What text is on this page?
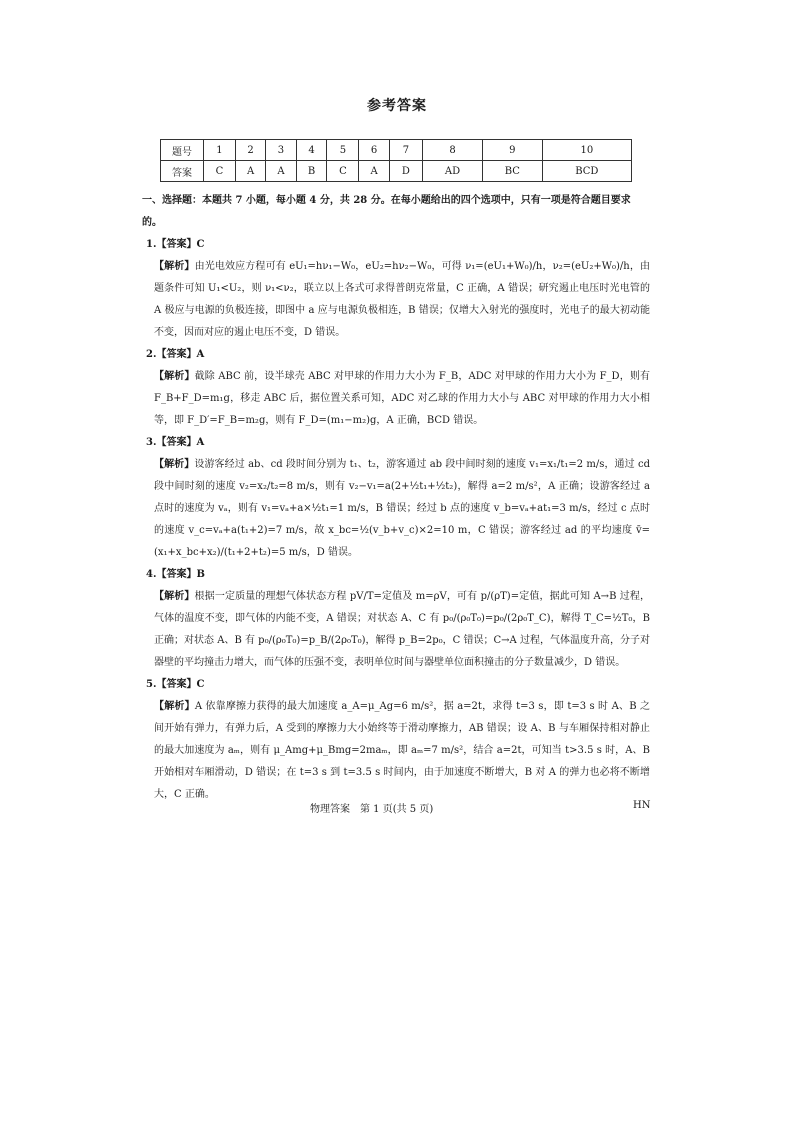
参考答案
题号	1	2	3	4	5	6	7	8	9	10
答案	C	A	A	B	C	A	D	AD	BC	BCD
一、选择题：本题共 7 小题，每小题 4 分，共 28 分。在每小题给出的四个选项中，只有一项是符合题目要求的。
1.【答案】C
【解析】由光电效应方程可有 eU₁=hν₁−W₀，eU₂=hν₂−W₀，可得 ν₁=(eU₁+W₀)/h，ν₂=(eU₂+W₀)/h，由题条件可知 U₁<U₂，则 ν₁<ν₂，联立以上各式可求得普朗克常量，C 正确，A 错误；研究遏止电压时光电管的 A 极应与电源的负极连接，即图中 a 应与电源负极相连，B 错误；仅增大入射光的强度时，光电子的最大初动能不变，因而对应的遏止电压不变，D 错误。
2.【答案】A
【解析】截除 ABC 前，设半球壳 ABC 对甲球的作用力大小为 F_B，ADC 对甲球的作用力大小为 F_D，则有 F_B+F_D=m₁g，移走 ABC 后，据位置关系可知，ADC 对乙球的作用力大小与 ABC 对甲球的作用力大小相等，即 F_D′=F_B=m₂g，则有 F_D=(m₁−m₂)g，A 正确，BCD 错误。
3.【答案】A
【解析】设游客经过 ab、cd 段时间分别为 t₁、t₂，游客通过 ab 段中间时刻的速度 v₁=x₁/t₁=2 m/s，通过 cd 段中间时刻的速度 v₂=x₂/t₂=8 m/s，则有 v₂−v₁=a(2+½t₁+½t₂)，解得 a=2 m/s²，A 正确；设游客经过 a 点时的速度为 vₐ，则有 v₁=vₐ+a×½t₁=1 m/s，B 错误；经过 b 点的速度 v_b=vₐ+at₁=3 m/s，经过 c 点时的速度 v_c=vₐ+a(t₁+2)=7 m/s，故 x_bc=½(v_b+v_c)×2=10 m，C 错误；游客经过 ad 的平均速度 v̄=(x₁+x_bc+x₂)/(t₁+2+t₂)=5 m/s，D 错误。
4.【答案】B
【解析】根据一定质量的理想气体状态方程 pV/T=定值及 m=ρV，可有 p/(ρT)=定值，据此可知 A→B 过程，气体的温度不变，即气体的内能不变，A 错误；对状态 A、C 有 p₀/(ρ₀T₀)=p₀/(2ρ₀T_C)，解得 T_C=½T₀，B 正确；对状态 A、B 有 p₀/(ρ₀T₀)=p_B/(2ρ₀T₀)，解得 p_B=2p₀，C 错误；C→A 过程，气体温度升高，分子对器壁的平均撞击力增大，而气体的压强不变，表明单位时间与器壁单位面积撞击的分子数量减少，D 错误。
5.【答案】C
【解析】A 依靠摩擦力获得的最大加速度 a_A=μ_Ag=6 m/s²，据 a=2t，求得 t=3 s，即 t=3 s 时 A、B 之间开始有弹力，有弹力后，A 受到的摩擦力大小始终等于滑动摩擦力，AB 错误；设 A、B 与车厢保持相对静止的最大加速度为 aₘ，则有 μ_Amg+μ_Bmg=2maₘ，即 aₘ=7 m/s²，结合 a=2t，可知当 t>3.5 s 时，A、B 开始相对车厢滑动，D 错误；在 t=3 s 到 t=3.5 s 时间内，由于加速度不断增大，B 对 A 的弹力也必将不断增大，C 正确。
物理答案　第 1 页(共 5 页)	HN
